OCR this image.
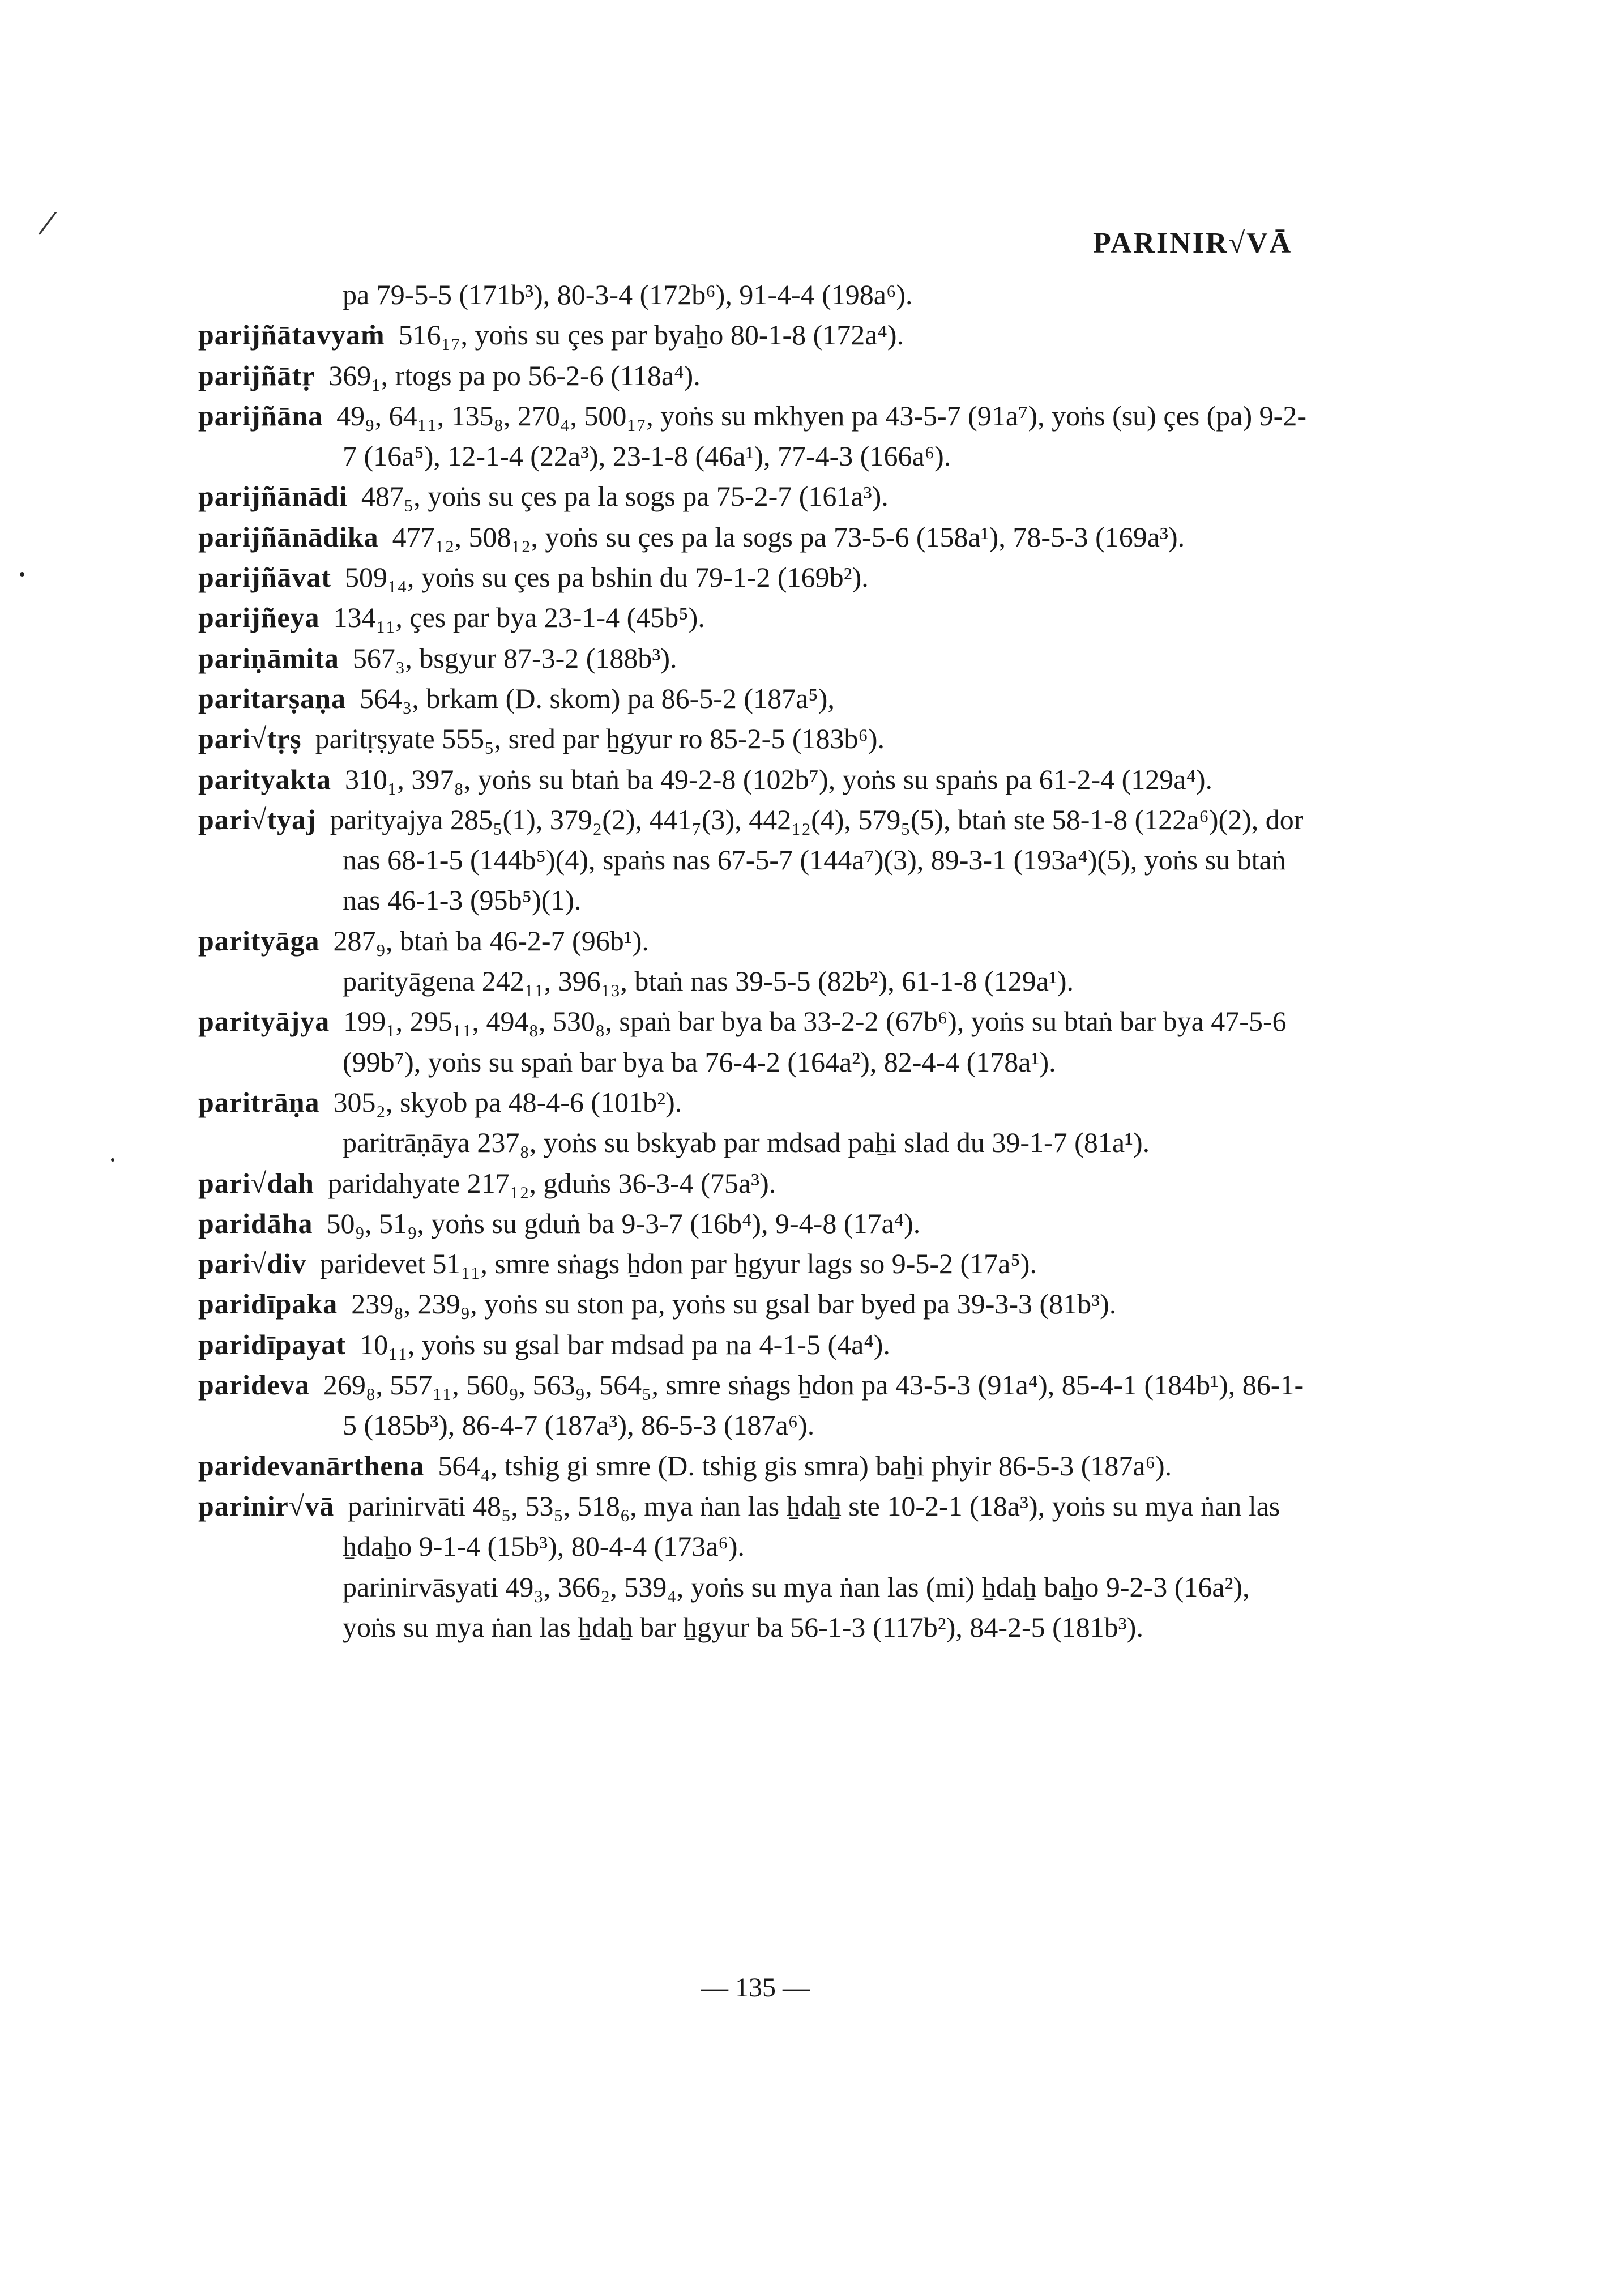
/	PARINIR√VĀ
pa 79-5-5 (171b³), 80-3-4 (172b⁶), 91-4-4 (198a⁶).
parijñātavyaṁ 516₁₇, yoṅs su çes par byaẖo 80-1-8 (172a⁴).
parijñātṛ 369₁, rtogs pa po 56-2-6 (118a⁴).
parijñāna 49₉, 64₁₁, 135₈, 270₄, 500₁₇, yoṅs su mkhyen pa 43-5-7 (91a⁷), yoṅs (su) çes (pa) 9-2-7 (16a⁵), 12-1-4 (22a³), 23-1-8 (46a¹), 77-4-3 (166a⁶).
parijñānādi 487₅, yoṅs su çes pa la sogs pa 75-2-7 (161a³).
parijñānādika 477₁₂, 508₁₂, yoṅs su çes pa la sogs pa 73-5-6 (158a¹), 78-5-3 (169a³).
parijñāvat 509₁₄, yoṅs su çes pa bshin du 79-1-2 (169b²).
parijñeya 134₁₁, çes par bya 23-1-4 (45b⁵).
pariṇāmita 567₃, bsgyur 87-3-2 (188b³).
paritarṣaṇa 564₃, brkam (D. skom) pa 86-5-2 (187a⁵),
pari√tṛṣ paritṛṣyate 555₅, sred par ẖgyur ro 85-2-5 (183b⁶).
parityakta 310₁, 397₈, yoṅs su btaṅ ba 49-2-8 (102b⁷), yoṅs su spaṅs pa 61-2-4 (129a⁴).
pari√tyaj parityajya 285₅(1), 379₂(2), 441₇(3), 442₁₂(4), 579₅(5), btaṅ ste 58-1-8 (122a⁶)(2), dor nas 68-1-5 (144b⁵)(4), spaṅs nas 67-5-7 (144a⁷)(3), 89-3-1 (193a⁴)(5), yoṅs su btaṅ nas 46-1-3 (95b⁵)(1).
parityāga 287₉, btaṅ ba 46-2-7 (96b¹).
parityāgena 242₁₁, 396₁₃, btaṅ nas 39-5-5 (82b²), 61-1-8 (129a¹).
parityājya 199₁, 295₁₁, 494₈, 530₈, spaṅ bar bya ba 33-2-2 (67b⁶), yoṅs su btaṅ bar bya 47-5-6 (99b⁷), yoṅs su spaṅ bar bya ba 76-4-2 (164a²), 82-4-4 (178a¹).
paritrāṇa 305₂, skyob pa 48-4-6 (101b²).
paritrāṇāya 237₈, yoṅs su bskyab par mdsad paẖi slad du 39-1-7 (81a¹).
pari√dah paridahyate 217₁₂, gduṅs 36-3-4 (75a³).
paridāha 50₉, 51₉, yoṅs su gduṅ ba 9-3-7 (16b⁴), 9-4-8 (17a⁴).
pari√div paridevet 51₁₁, smre sṅags ẖdon par ẖgyur lags so 9-5-2 (17a⁵).
paridīpaka 239₈, 239₉, yoṅs su ston pa, yoṅs su gsal bar byed pa 39-3-3 (81b³).
paridīpayat 10₁₁, yoṅs su gsal bar mdsad pa na 4-1-5 (4a⁴).
parideva 269₈, 557₁₁, 560₉, 563₉, 564₅, smre sṅags ẖdon pa 43-5-3 (91a⁴), 85-4-1 (184b¹), 86-1-5 (185b³), 86-4-7 (187a³), 86-5-3 (187a⁶).
paridevanārthena 564₄, tshig gi smre (D. tshig gis smra) baẖi phyir 86-5-3 (187a⁶).
parinir√vā parinirvāti 48₅, 53₅, 518₆, mya ṅan las ẖdaẖ ste 10-2-1 (18a³), yoṅs su mya ṅan las ẖdaẖo 9-1-4 (15b³), 80-4-4 (173a⁶).
parinirvāsyati 49₃, 366₂, 539₄, yoṅs su mya ṅan las (mi) ẖdaẖ baẖo 9-2-3 (16a²), yoṅs su mya ṅan las ẖdaẖ bar ẖgyur ba 56-1-3 (117b²), 84-2-5 (181b³).
— 135 —
